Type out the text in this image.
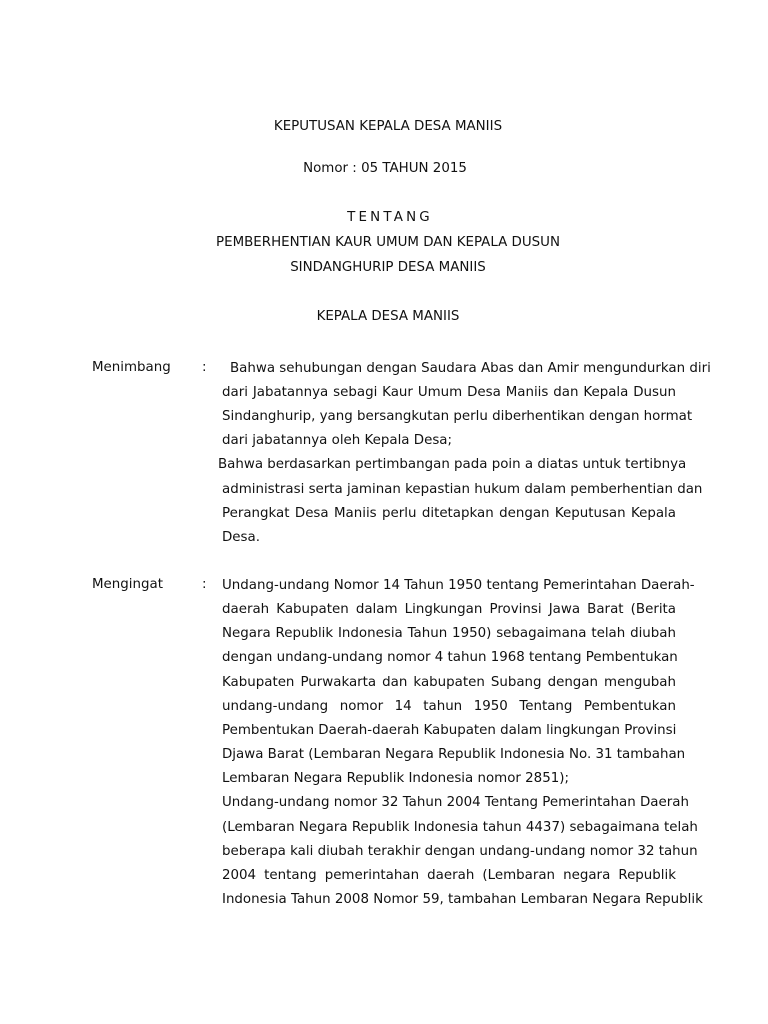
KEPUTUSAN KEPALA DESA MANIIS
Nomor : 05 TAHUN 2015
TENTANG
PEMBERHENTIAN KAUR UMUM DAN KEPALA DUSUN
SINDANGHURIP DESA MANIIS
KEPALA DESA MANIIS
Menimbang : Bahwa sehubungan dengan Saudara Abas dan Amir mengundurkan diri
dari Jabatannya sebagi Kaur Umum Desa Maniis dan Kepala Dusun
Sindanghurip, yang bersangkutan perlu diberhentikan dengan hormat
dari jabatannya oleh Kepala Desa;
Bahwa berdasarkan pertimbangan pada poin a diatas untuk tertibnya
administrasi serta jaminan kepastian hukum dalam pemberhentian dan
Perangkat Desa Maniis perlu ditetapkan dengan Keputusan Kepala
Desa.
Mengingat	: Undang-undang Nomor 14 Tahun 1950 tentang Pemerintahan Daerah-
daerah Kabupaten dalam Lingkungan Provinsi Jawa Barat (Berita
Negara Republik Indonesia Tahun 1950) sebagaimana telah diubah
dengan undang-undang nomor 4 tahun 1968 tentang Pembentukan
Kabupaten Purwakarta dan kabupaten Subang dengan mengubah
undang-undang nomor 14 tahun 1950 Tentang Pembentukan
Pembentukan Daerah-daerah Kabupaten dalam lingkungan Provinsi
Djawa Barat (Lembaran Negara Republik Indonesia No. 31 tambahan
Lembaran Negara Republik Indonesia nomor 2851);
Undang-undang nomor 32 Tahun 2004 Tentang Pemerintahan Daerah
(Lembaran Negara Republik Indonesia tahun 4437) sebagaimana telah
beberapa kali diubah terakhir dengan undang-undang nomor 32 tahun
2004 tentang pemerintahan daerah (Lembaran negara Republik
Indonesia Tahun 2008 Nomor 59, tambahan Lembaran Negara Republik
